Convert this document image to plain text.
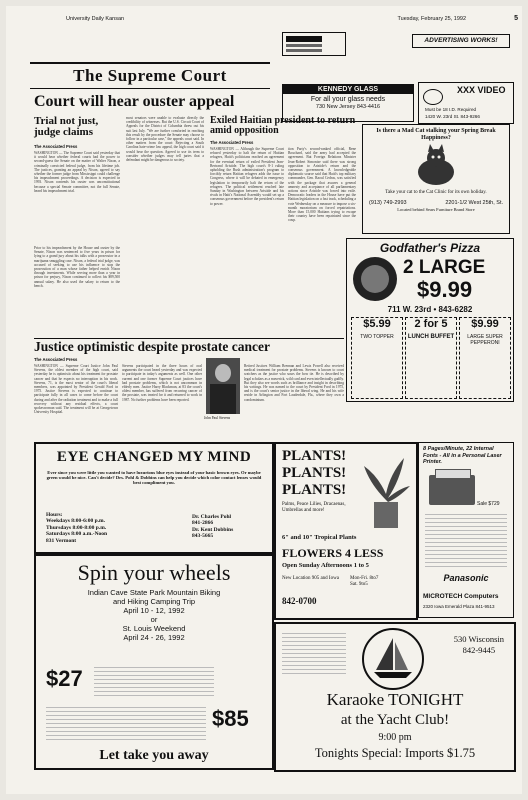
University Daily Kansan	Tuesday, February 25, 1992	5
ADVERTISING WORKS!
The Supreme Court
KENNEDY GLASS
For all your glass needs
730 New Jersey 843-4416
XXX VIDEO
Must be 18 I.D. Required
1420 W. 23rd St. 843-9266
Court will hear ouster appeal
Trial not just, judge claims
The Associated Press
WASHINGTON — The Supreme Court said yesterday that it would hear whether federal courts had the power to second-guess the Senate on the matter of Walter Nixon, a criminally convicted federal judge, from his lifetime job. The justices, granting an appeal by Nixon, agreed to say whether the former judge from Mississippi could challenge his impeachment proceedings. A decision is expected in 1993. Nixon contends his ouster was unconstitutional because a special Senate committee, not the full Senate, heard his impeachment trial.
Prior to his impeachment by the House and ouster by the Senate, Nixon was sentenced to five years in prison for lying to a grand jury about his talks with a prosecutor in a marijuana smuggling case. Nixon, a federal trial judge, was accused of seeking to use his influence to stop the prosecution of a man whose father helped enrich Nixon through investments. While serving more than a year in prison for perjury, Nixon continued to collect his $89,500 annual salary. He also used the salary to return to the bench.
most senators were unable to evaluate directly the credibility of witnesses. But the U.S. Circuit Court of Appeals for the District of Columbia threw out his suit last July. "We are further comforted in reaching this result by the procedure the Senate may choose to follow in a particular case," the appeals court said. In other matters from the court: Rejecting a South Carolina hate-crime law appeal, the high court said it would hear the question. Agreed to use its term to consider whether judges may tell juries that a defendant might be dangerous to society.
Exiled Haitian president to return amid opposition
The Associated Press
WASHINGTON — Although the Supreme Court refused yesterday to halt the return of Haitian refugees, Haiti's politicians reached an agreement for the eventual return of exiled President Jean-Bertrand Aristide. The high court's 8-1 ruling upholding the Bush administration's program to forcibly return Haitian refugees adds the issue to Congress, where it will be debated in emergency legislation to temporarily halt the return of the refugees. The political settlement reached late Sunday in Washington between Aristide and his rivals in Haiti's National Assembly would set up a consensus government before the president's return to power.
tion Party's second-ranked official, Rene Bouchard, said the army had accepted the agreement. But Foreign Relations Minister Jean-Robert Simonise said there was strong opposition to Aristide's return and the consensus government. A knowledgeable diplomatic source said that Haiti's top military commander, Gen. Raoul Cedras, was satisfied with the package that assures a general amnesty and acceptance of all parliamentary actions since Aristide was forced into exile. Democratic leaders in the House have put the Haitian legislation on a fast track, scheduling a vote Wednesday on a measure to impose a six-month moratorium on forced repatriations. More than 15,000 Haitians trying to escape their country have been repatriated since the coup.
Is there a Mad Cat stalking your Spring Break Happiness?
Take your cat to the Cat Clinic for its own holiday.
(913) 749-2993	2201-1/2 West 25th, St.
Located behind Sears Furniture Brand Store
Godfather's Pizza
2 LARGE
$9.99
711 W. 23rd • 843-6282
$5.99
TWO TOPPER
2 for 5
LUNCH BUFFET
$9.99
LARGE SUPER PEPPERONI
Justice optimistic despite prostate cancer
The Associated Press
WASHINGTON — Supreme Court Justice John Paul Stevens, the oldest member of the high court, said yesterday he is optimistic about his treatment for prostate cancer and that he expects no interruption in his work. Stevens, 71, is the most senior of the court's liberal members, was appointed by President Gerald Ford in 1975. Justice Stevens is expected to continue to participate fully in all cases to come before the court during and after the radiation treatment and to make a full recovery without any residual effects, a court spokeswoman said. The treatment will be at Georgetown University Hospital.
Stevens participated in the three hours of oral arguments the court heard yesterday and was expected to participate in today's arguments as well. One other current and one former Supreme Court justices have had prostate problems, which is not uncommon in elderly men. Justice Harry Blackmun, at 83 the court's oldest member, has suffered from recurring cancer of the prostate, was treated for it and returned to work in 1987. No further problems have been reported.
John Paul Stevens
Retired Justices William Brennan and Lewis Powell also received medical treatment for prostate problems. Stevens is known to court watchers as the justice who sours the bow tie. He is described by legal scholars as a maverick, wild card and even intellectually gadfly. But they also see words such as brilliance and insight in describing his writings. He was named to the court by President Ford in 1975, and is the court's senior justice in the liberal wing. He and his wife reside in Arlington and Fort Lauderdale, Fla., where they own a condominium.
EYE CHANGED MY MIND
Ever since you were little you wanted to have luxurious blue eyes instead of your basic brown eyes. Or maybe green would be nice. Can't decide? Drs. Pohl & Dobbins can help you decide which color contact lenses would best compliment you.
Hours:
Weekdays 8:00-6:00 p.m.
Thursdays 8:00-8:00 p.m.
Saturdays 8:00 a.m.-Noon
831 Vermont
Dr. Charles Pohl
841-2866
Dr. Kent Dobbins
843-5665
PLANTS! PLANTS! PLANTS!
Palms, Peace Lilies, Dracaenas, Umbrellas and more!
6" and 10" Tropical Plants
FLOWERS 4 LESS
Open Sunday Afternoons 1 to 5
New Location 905 and Iowa	Mon-Fri. 8to7
Sat. 9to5
842-0700
8 Pages/Minute, 22 Internal Fonts - All in a Personal Laser Printer.
Sale $729
Panasonic
MICROTECH Computers
2320 Iowa Emerald Plaza 841-9513
Spin your wheels
Indian Cave State Park Mountain Biking
and Hiking Camping Trip
April 10 - 12, 1992
or
St. Louis Weekend
April 24 - 26, 1992
$27
$85
Let take you away
530 Wisconsin
842-9445
Karaoke TONIGHT
at the Yacht Club!
9:00 pm
Tonights Special: Imports $1.75
